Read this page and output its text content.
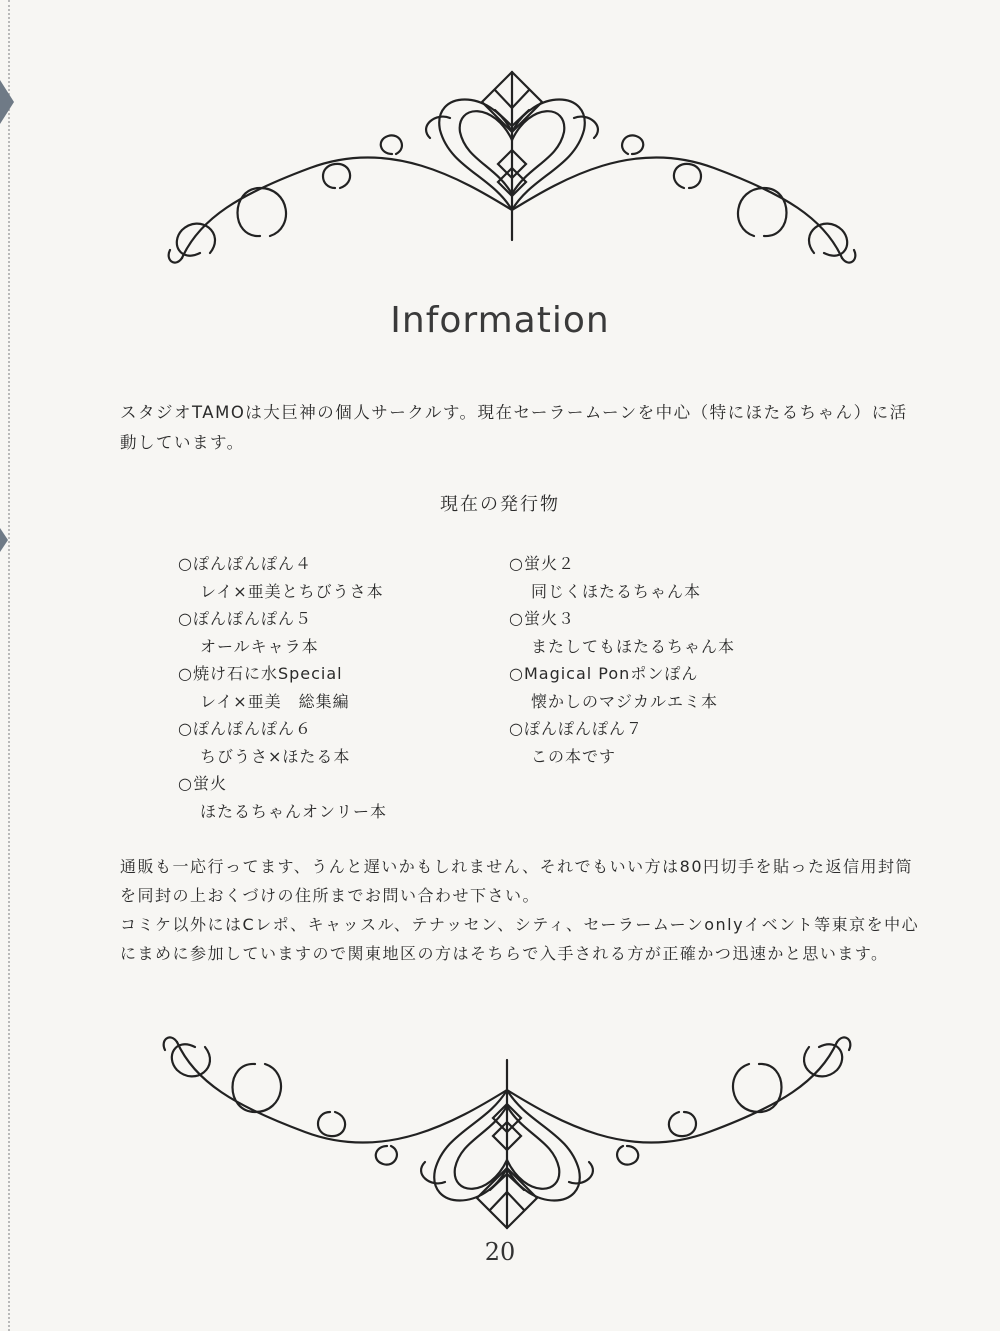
Information
スタジオTAMOは大巨神の個人サークルす。現在セーラームーンを中心（特にほたるちゃん）に活動しています。
現在の発行物
○ぽんぽんぽん４
レイ×亜美とちびうさ本
○ぽんぽんぽん５
オールキャラ本
○焼け石に水Special
レイ×亜美　総集編
○ぽんぽんぽん６
ちびうさ×ほたる本
○蛍火
ほたるちゃんオンリー本
○蛍火２
同じくほたるちゃん本
○蛍火３
またしてもほたるちゃん本
○Magical Ponポンぽん
懐かしのマジカルエミ本
○ぽんぽんぽん７
この本です

通販も一応行ってます、うんと遅いかもしれません、それでもいい方は80円切手を貼った返信用封筒を同封の上おくづけの住所までお問い合わせ下さい。

コミケ以外にはCレポ、キャッスル、テナッセン、シティ、セーラームーンonlyイベント等東京を中心にまめに参加していますので関東地区の方はそちらで入手される方が正確かつ迅速かと思います。

20
